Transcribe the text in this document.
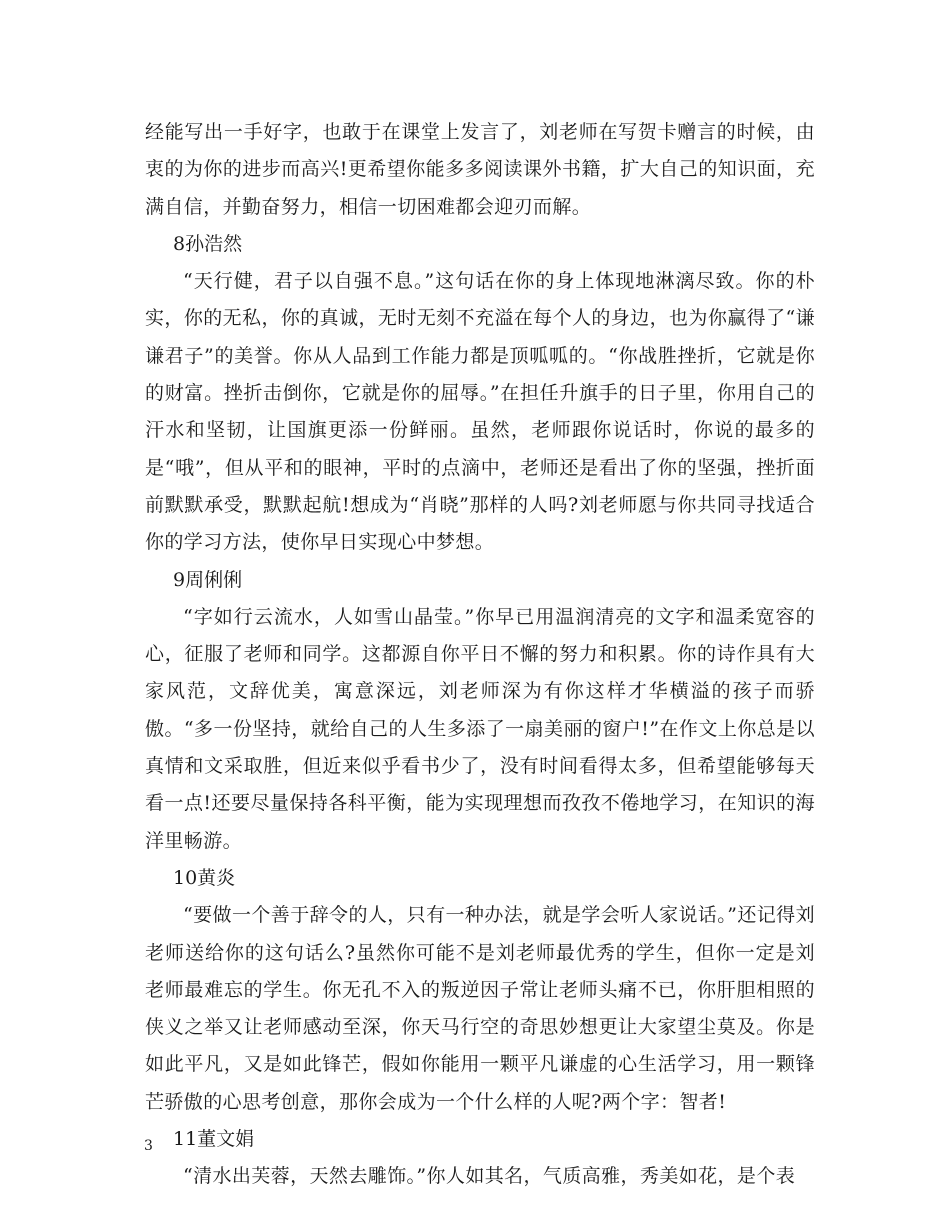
经能写出一手好字，也敢于在课堂上发言了，刘老师在写贺卡赠言的时候，由衷的为你的进步而高兴!更希望你能多多阅读课外书籍，扩大自己的知识面，充满自信，并勤奋努力，相信一切困难都会迎刃而解。

8孙浩然

“天行健，君子以自强不息。”这句话在你的身上体现地淋漓尽致。你的朴实，你的无私，你的真诚，无时无刻不充溢在每个人的身边，也为你赢得了“谦谦君子”的美誉。你从人品到工作能力都是顶呱呱的。“你战胜挫折，它就是你的财富。挫折击倒你，它就是你的屈辱。”在担任升旗手的日子里，你用自己的汗水和坚韧，让国旗更添一份鲜丽。虽然，老师跟你说话时，你说的最多的是“哦”，但从平和的眼神，平时的点滴中，老师还是看出了你的坚强，挫折面前默默承受，默默起航!想成为“肖晓”那样的人吗?刘老师愿与你共同寻找适合你的学习方法，使你早日实现心中梦想。

9周俐俐

“字如行云流水，人如雪山晶莹。”你早已用温润清亮的文字和温柔宽容的心，征服了老师和同学。这都源自你平日不懈的努力和积累。你的诗作具有大家风范，文辞优美，寓意深远，刘老师深为有你这样才华横溢的孩子而骄傲。“多一份坚持，就给自己的人生多添了一扇美丽的窗户!”在作文上你总是以真情和文采取胜，但近来似乎看书少了，没有时间看得太多，但希望能够每天看一点!还要尽量保持各科平衡，能为实现理想而孜孜不倦地学习，在知识的海洋里畅游。

10黄炎

“要做一个善于辞令的人，只有一种办法，就是学会听人家说话。”还记得刘老师送给你的这句话么?虽然你可能不是刘老师最优秀的学生，但你一定是刘老师最难忘的学生。你无孔不入的叛逆因子常让老师头痛不已，你肝胆相照的侠义之举又让老师感动至深，你天马行空的奇思妙想更让大家望尘莫及。你是如此平凡，又是如此锋芒，假如你能用一颗平凡谦虚的心生活学习，用一颗锋芒骄傲的心思考创意，那你会成为一个什么样的人呢?两个字：智者!

11董文娟

“清水出芙蓉，天然去雕饰。”你人如其名，气质高雅，秀美如花，是个表

3
